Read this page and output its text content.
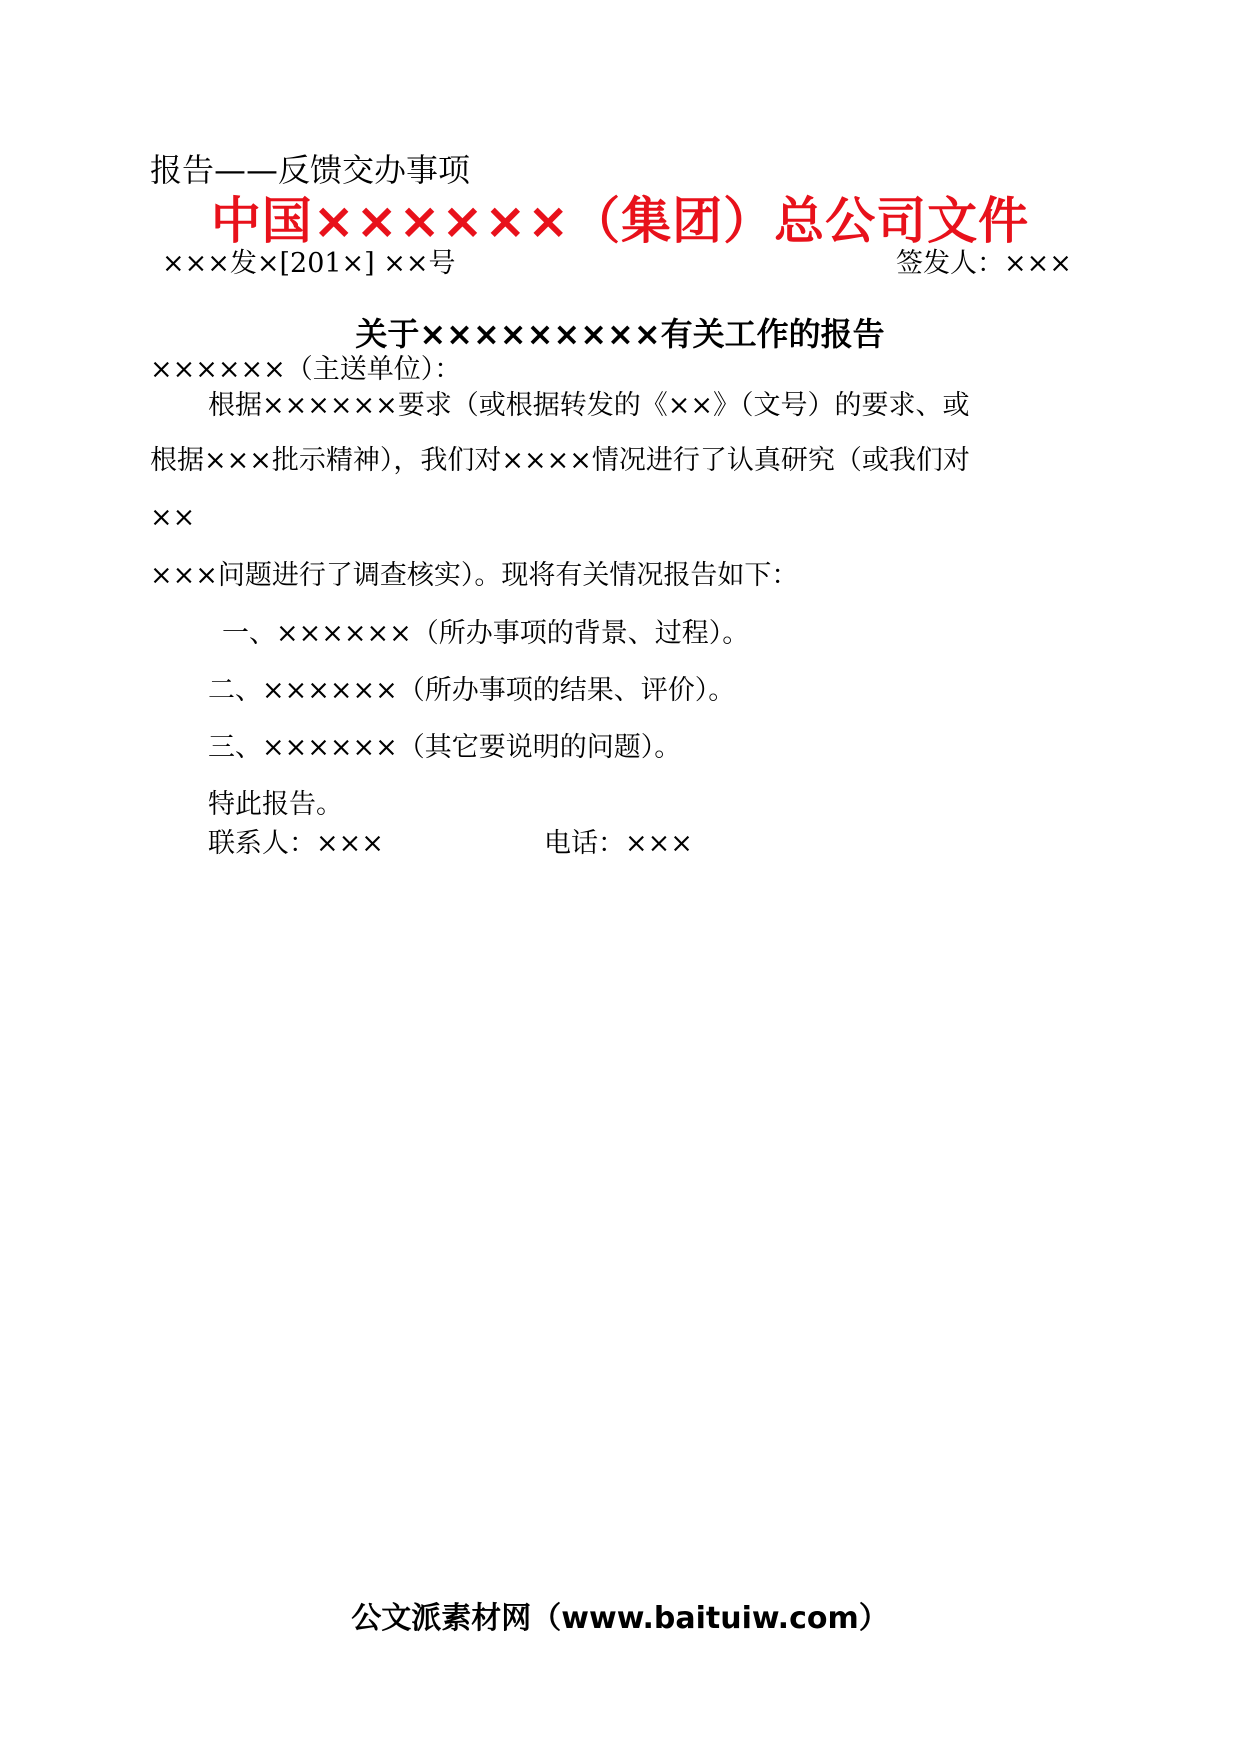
报告——反馈交办事项
中国××××××（集团）总公司文件
×××发×[201×] ××号	签发人：×××
关于×××××××××有关工作的报告
××××××（主送单位）：
根据××××××要求（或根据转发的《××》（文号）的要求、或
根据×××批示精神），我们对××××情况进行了认真研究（或我们对
××
×××问题进行了调查核实）。现将有关情况报告如下：
一、××××××（所办事项的背景、过程）。
二、××××××（所办事项的结果、评价）。
三、××××××（其它要说明的问题）。
特此报告。
联系人：×××	电话：×××
公文派素材网（www.baituiw.com）
